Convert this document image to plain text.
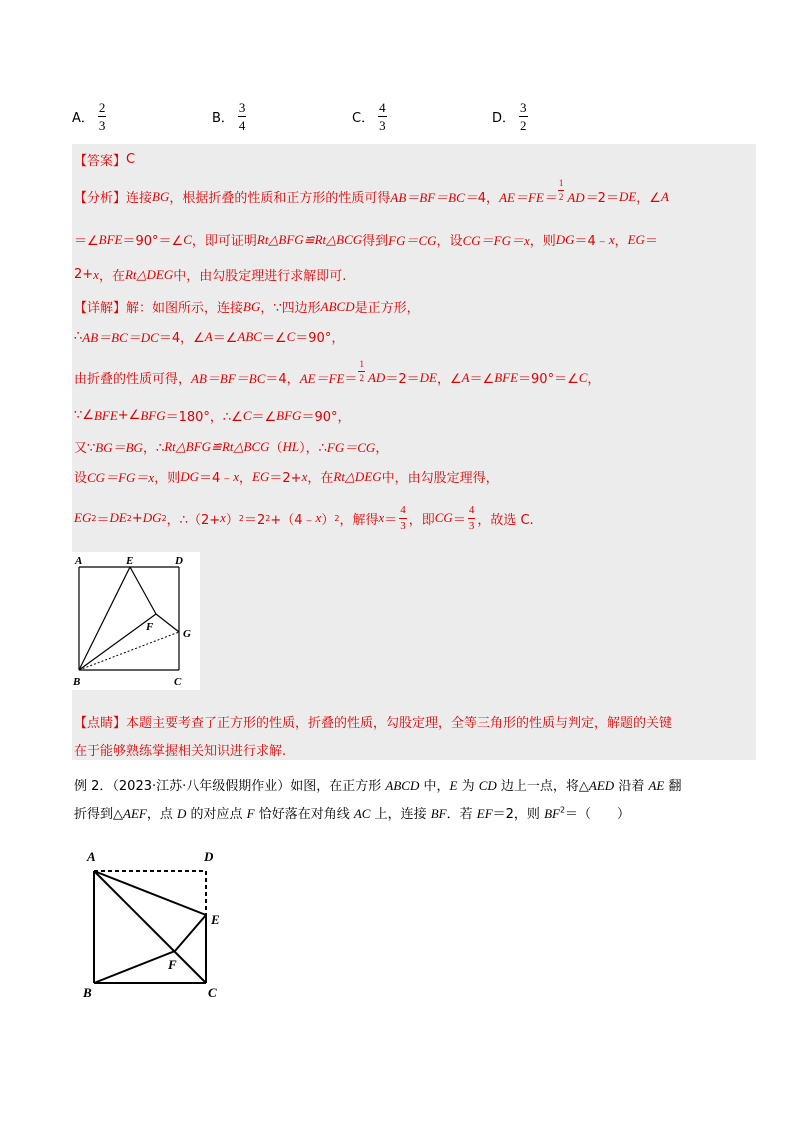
A． $\frac{2}{3}$	B． $\frac{3}{4}$	C． $\frac{4}{3}$	D． $\frac{3}{2}$
【答案】 C
【分析】 连接 BG ，根据折叠的性质和正方形的性质可得 AB＝BF＝BC＝ 4， $AE=FE= \frac{1}{2} AD= 2=$ DE ，∠ A
＝∠ BFE ＝90°＝∠ C ，即可证明 Rt△BFG≌Rt△BCG 得到 FG＝CG ，设 CG＝FG＝x ，则 DG ＝4﹣ x ， EG ＝
2+ x ，在 Rt△DEG 中，由勾股定理进行求解即可.
【详解】 解：如图所示，连接 BG ，∵四边形 ABCD 是正方形，
∴ AB＝BC＝DC ＝4，∠ A ＝∠ ABC ＝∠ C ＝90°，
由折叠的性质可得， AB＝BF＝BC ＝4， $AE=FE = \frac{1}{2}$ AD ＝2＝ DE ，∠ A ＝∠ BFE ＝90°＝∠ C ，
∵∠ BFE +∠ BFG ＝180°，∴∠ C ＝∠ BFG ＝90°，
又∵ BG＝BG ，∴ Rt△BFG≌Rt△BCG （ HL ），∴ FG＝CG ，
设 CG＝FG＝x ，则 DG ＝4﹣ x ， EG ＝2+ x ，在 Rt△DEG 中，由勾股定理得，
EG 2 ＝ DE 2 + DG 2 ，∴（2+ x ） 2 ＝2 2 +（4﹣ x ） 2 ，解得 $x = \frac{4}{3}$ ，即 CG ＝ $\frac{4}{3}$ ，故选 C.
A	E	D
F
G
B	C
【点睛】 本题主要考查了正方形的性质，折叠的性质，勾股定理，全等三角形的性质与判定，解题的关键
在于能够熟练掌握相关知识进行求解.
例 2．（2023·江苏·八年级假期作业）如图，在正方形 ABCD 中，E 为 CD 边上一点，将△AED 沿着 AE 翻
折得到△AEF，点 D 的对应点 F 恰好落在对角线 AC 上，连接 BF．若 EF＝2，则 $BF^2=$（　　）
A	D
E
F
B	C
